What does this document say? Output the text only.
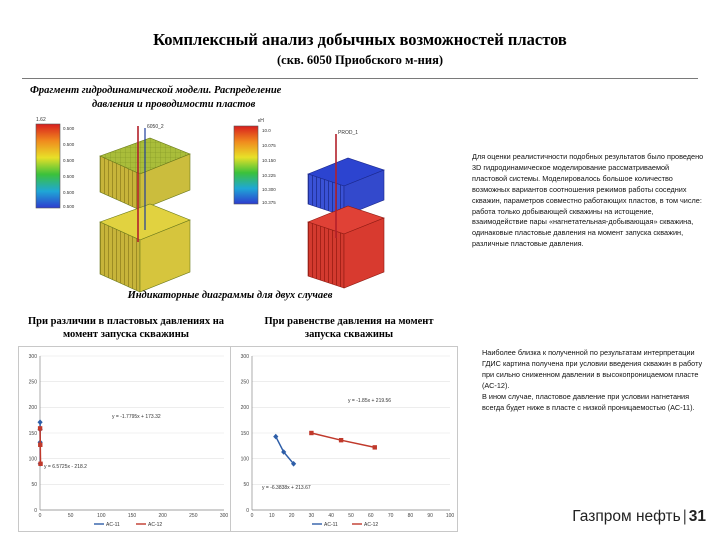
Комплексный анализ добычных возможностей пластов
(скв. 6050 Приобского м-ния)
Фрагмент гидродинамической модели. Распределение
давления и проводимости пластов
1.62
0.500
0.500
0.500
0.500
0.500
0.500
6050_2
кН
10.0
10.075
10.150
10.225
10.300
10.375
PROD_1

Для оценки реалистичности подобных результатов было проведено 3D гидродинамическое моделирование рассматриваемой пластовой системы. Моделировалось большое количество возможных вариантов соотношения режимов работы соседних скважин, параметров совместно работающих пластов, в том числе: работа только добывающей скважины на истощение, взаимодействие пары «нагнетательная-добывающая» скважина, одинаковые пластовые давления на момент запуска скважин, различные пластовые давления.

Индикаторные диаграммы для двух случаев
При различии в пластовых давлениях на момент запуска скважины
При равенстве давления на момент запуска скважины
0
50
100
150
200
250
300
0	50	100	150	200	250	300
y = -1.7795x + 173.32
y = 6.5725x - 218.2
AC-11	AC-12
0
50
100
150
200
250
300
0	10	20	30	40	50	60	70	80	90	100
y = -1.85x + 219.56
y = -6.3838x + 213.67
AC-11	AC-12

Наиболее близка к полученной по результатам интерпретации ГДИС картина получена при условии введения скважин в работу при сильно сниженном давлении в высокопроницаемом пласте (АС-12).

В ином случае, пластовое давление при условии нагнетания всегда будет ниже в пласте с низкой проницаемостью (АС-11).

Газпром нефть | 31
